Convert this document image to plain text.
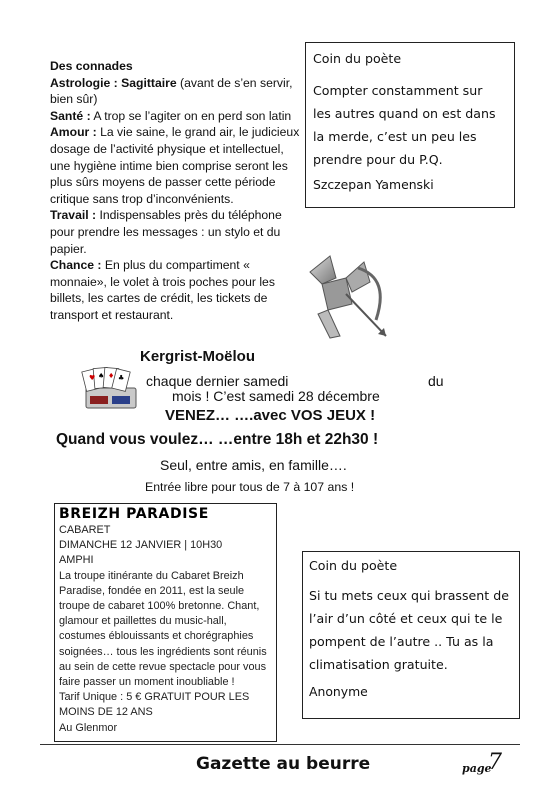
Des connades

Astrologie : Sagittaire (avant de s’en servir, bien sûr)

Santé : A trop se l’agiter on en perd son latin

Amour : La vie saine, le grand air, le judicieux dosage de l’activité physique et intellectuel, une hygiène intime bien comprise seront les plus sûrs moyens de passer cette période critique sans trop d’inconvénients.

Travail : Indispensables près du téléphone pour prendre les messages : un stylo et du papier.

Chance : En plus du compartiment « monnaie», le volet à trois poches pour les billets, les cartes de crédit, les tickets de transport et restaurant.

Coin du poète

Compter constamment sur

les autres quand on est dans

la merde, c’est un peu les

prendre pour du P.Q.

Szczepan Yamenski

Kergrist-Moëlou
♥ ♠ ♦ ♣ chaque dernier samedi	du
mois ! C’est samedi 28 décembre
VENEZ… ….avec VOS JEUX !
Quand vous voulez… …entre 18h et 22h30 !
Seul, entre amis, en famille….
Entrée libre pour tous de 7 à 107 ans !
BREIZH PARADISE

CABARET

DIMANCHE 12 JANVIER | 10H30

AMPHI

La troupe itinérante du Cabaret Breizh Paradise, fondée en 2011, est la seule troupe de cabaret 100% bretonne. Chant, glamour et paillettes du music-hall, costumes éblouissants et chorégraphies soignées… tous les ingrédients sont réunis au sein de cette revue spectacle pour vous faire passer un moment inoubliable !

Tarif Unique : 5 € GRATUIT POUR LES MOINS DE 12 ANS

Au Glenmor

Coin du poète

Si tu mets ceux qui brassent de

l’air d’un côté et ceux qui te le

pompent de l’autre .. Tu as la

climatisation gratuite.

Anonyme

Gazette au beurre	page
7
